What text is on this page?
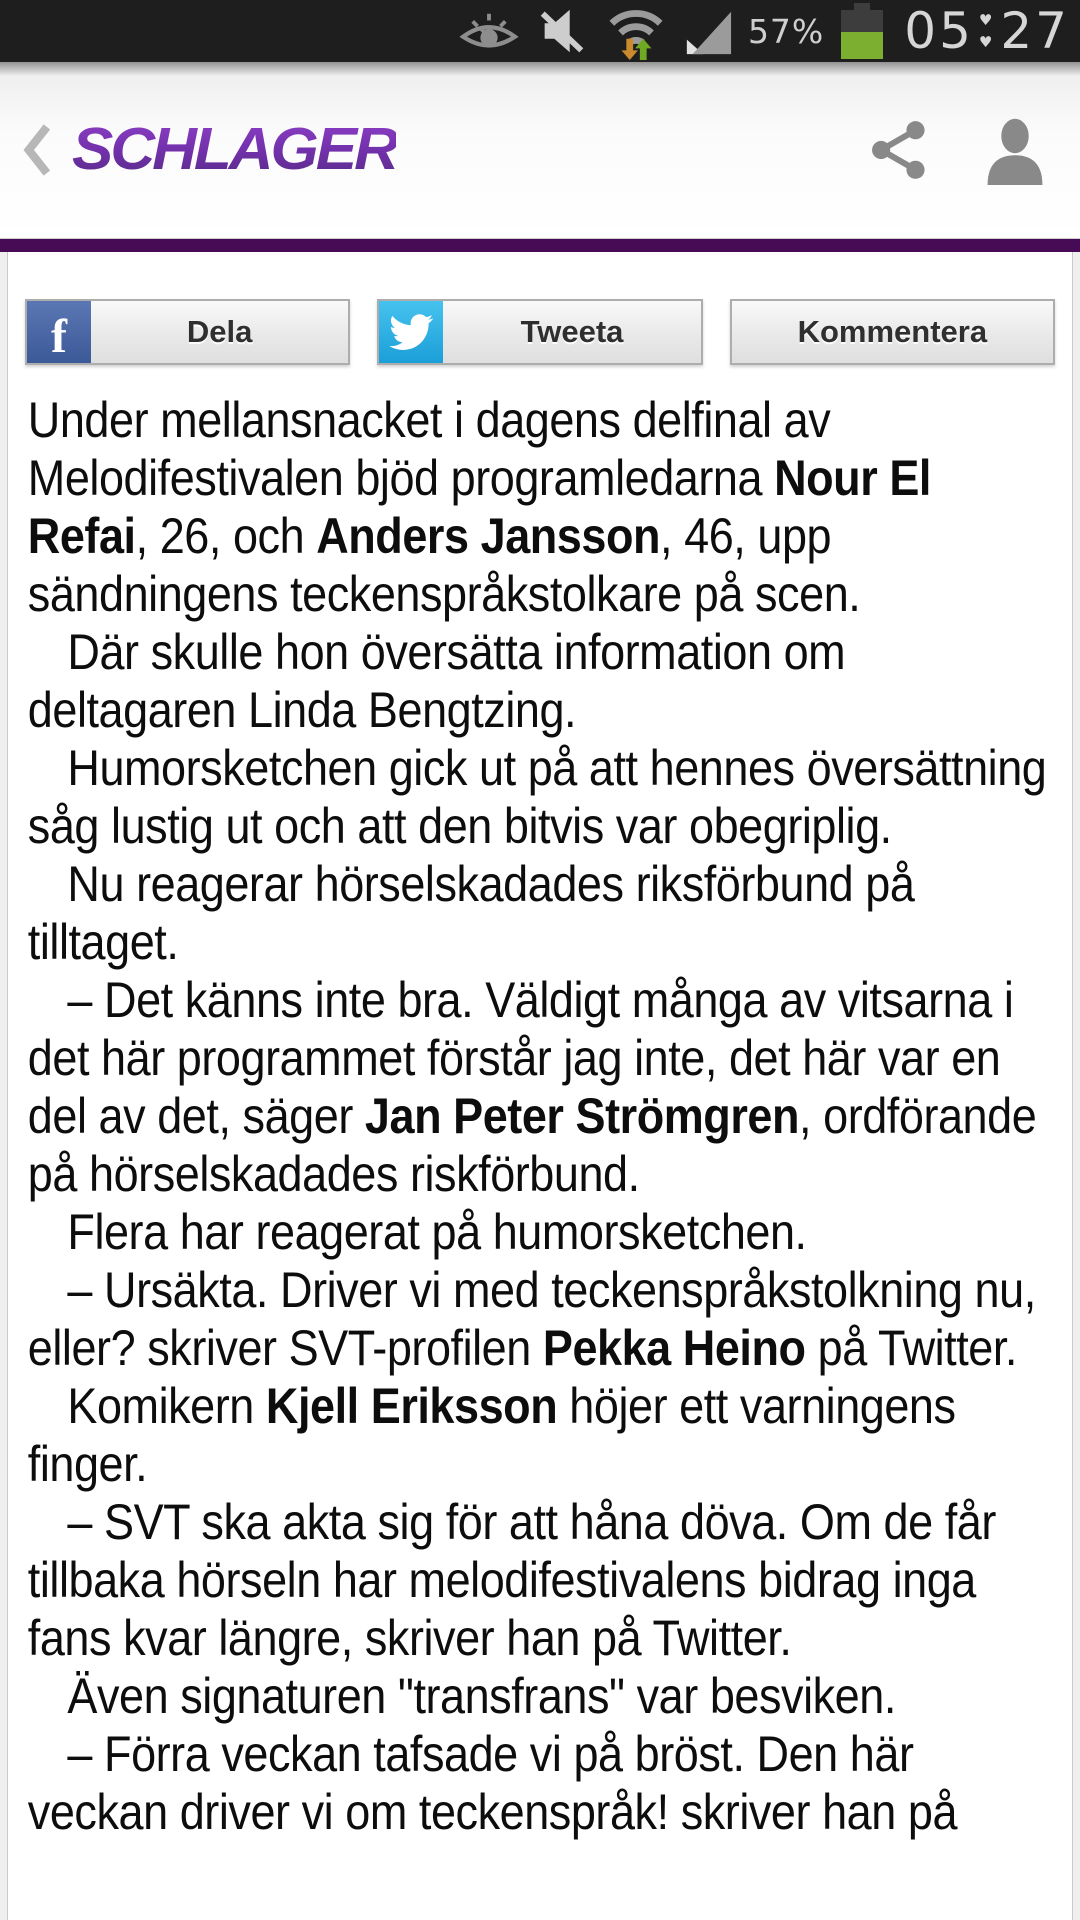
57% 05 ♥
♥ 27
SCHLAGER
f	Dela	Tweeta	Kommentera

Under mellansnacket i dagens delfinal av Melodifestivalen bjöd programledarna Nour El Refai, 26, och Anders Jansson, 46, upp sändningens teckenspråkstolkare på scen.

Där skulle hon översätta information om deltagaren Linda Bengtzing.

Humorsketchen gick ut på att hennes översättning såg lustig ut och att den bitvis var obegriplig.

Nu reagerar hörselskadades riksförbund på tilltaget.

– Det känns inte bra. Väldigt många av vitsarna i det här programmet förstår jag inte, det här var en del av det, säger Jan Peter Strömgren, ordförande på hörselskadades riskförbund.

Flera har reagerat på humorsketchen.

– Ursäkta. Driver vi med teckenspråkstolkning nu, eller? skriver SVT-profilen Pekka Heino på Twitter.

Komikern Kjell Eriksson höjer ett varningens finger.

– SVT ska akta sig för att håna döva. Om de får tillbaka hörseln har melodifestivalens bidrag inga fans kvar längre, skriver han på Twitter.

Även signaturen "transfrans" var besviken.

– Förra veckan tafsade vi på bröst. Den här veckan driver vi om teckenspråk! skriver han på
